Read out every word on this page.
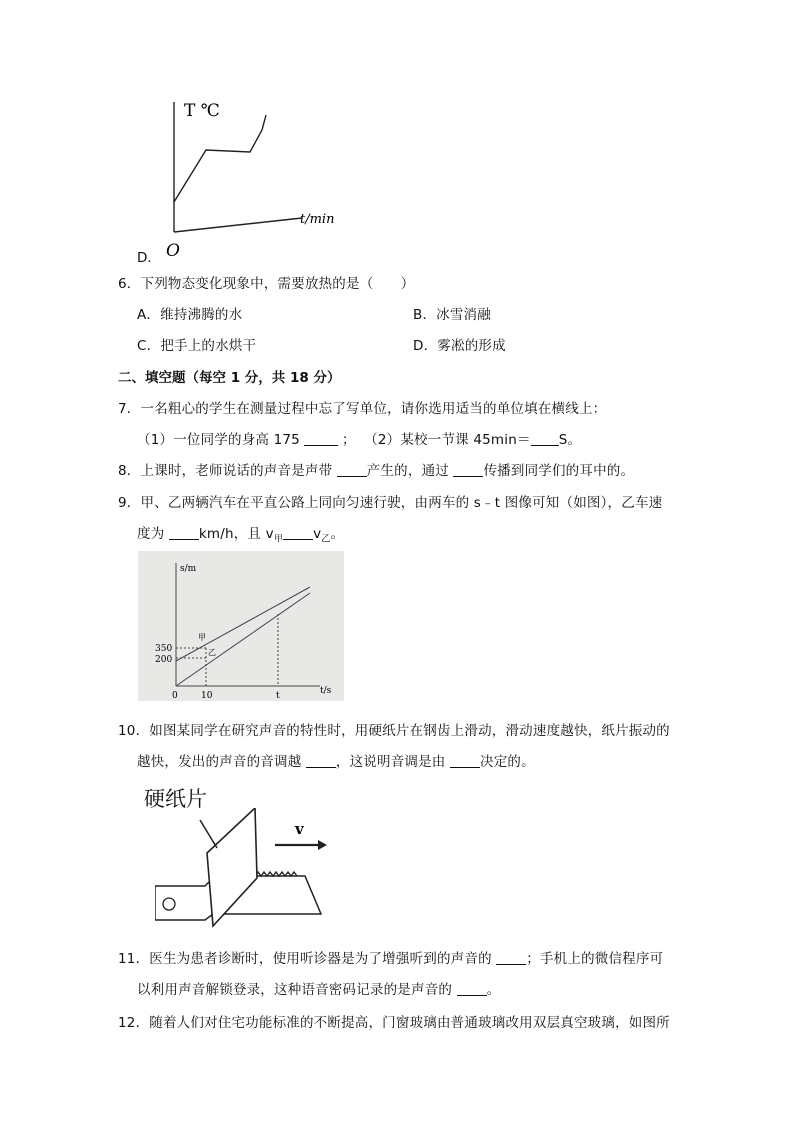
T ℃
t/min
O
D．
6．下列物态变化现象中，需要放热的是（　　）
A．维持沸腾的水	B．冰雪消融
C．把手上的水烘干	D．雾凇的形成
二、填空题（每空 1 分，共 18 分）
7．一名粗心的学生在测量过程中忘了写单位，请你选用适当的单位填在横线上：
（1）一位同学的身高 175	； （2）某校一节课 45min＝ S。
8．上课时，老师说话的声音是声带 产生的，通过 传播到同学们的耳中的。
9．甲、乙两辆汽车在平直公路上同向匀速行驶，由两车的 s﹣t 图像可知（如图），乙车速
度为 km/h，且 $v_甲$ $v_乙$。
s/m
t/s
0
350
200
10	t
甲
乙
10．如图某同学在研究声音的特性时，用硬纸片在钢齿上滑动，滑动速度越快，纸片振动的
越快，发出的声音的音调越 ，这说明音调是由 决定的。
硬纸片
v
11．医生为患者诊断时，使用听诊器是为了增强听到的声音的 ；手机上的微信程序可
以利用声音解锁登录，这种语音密码记录的是声音的 。
12．随着人们对住宅功能标准的不断提高，门窗玻璃由普通玻璃改用双层真空玻璃，如图所
